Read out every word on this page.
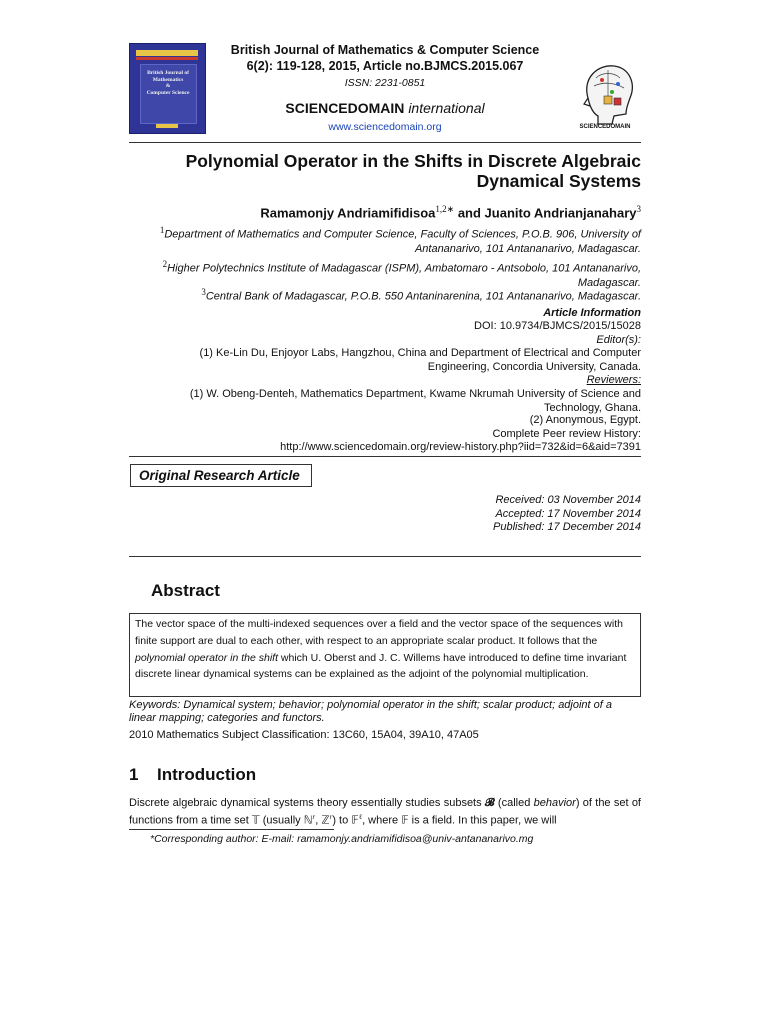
British Journal of
Mathematics
&
Computer Science
British Journal of Mathematics & Computer Science
6(2): 119-128, 2015, Article no.BJMCS.2015.067
ISSN: 2231-0851
SCIENCEDOMAIN international
www.sciencedomain.org	SCIENCEDOMAIN
Polynomial Operator in the Shifts in Discrete Algebraic
Dynamical Systems
Ramamonjy Andriamifidisoa$^{1,2∗}$ and Juanito Andrianjanahary$^3$
$^1$Department of Mathematics and Computer Science, Faculty of Sciences, P.O.B. 906, University of
Antananarivo, 101 Antananarivo, Madagascar.
$^2$Higher Polytechnics Institute of Madagascar (ISPM), Ambatomaro - Antsobolo, 101 Antananarivo,
Madagascar.
$^3$Central Bank of Madagascar, P.O.B. 550 Antaninarenina, 101 Antananarivo, Madagascar.
Article Information
DOI: 10.9734/BJMCS/2015/15028
Editor(s):
(1) Ke-Lin Du, Enjoyor Labs, Hangzhou, China and Department of Electrical and Computer
Engineering, Concordia University, Canada.
Reviewers:
(1) W. Obeng-Denteh, Mathematics Department, Kwame Nkrumah University of Science and
Technology, Ghana.
(2) Anonymous, Egypt.
Complete Peer review History:
http://www.sciencedomain.org/review-history.php?iid=732&id=6&aid=7391
Original Research Article
Received: 03 November 2014
Accepted: 17 November 2014
Published: 17 December 2014
Abstract
The vector space of the multi-indexed sequences over a field and the vector space of the sequences with finite support are dual to each other, with respect to an appropriate scalar product. It follows that the polynomial operator in the shift which U. Oberst and J. C. Willems have introduced to define time invariant discrete linear dynamical systems can be explained as the adjoint of the polynomial multiplication.
Keywords: Dynamical system; behavior; polynomial operator in the shift; scalar product; adjoint of a linear mapping; categories and functors.
2010 Mathematics Subject Classification: 13C60, 15A04, 39A10, 47A05
1 Introduction
Discrete algebraic dynamical systems theory essentially studies subsets 𝓑 (called behavior) of the set of functions from a time set 𝕋 (usually ℕ$^r$, ℤ$^r$) to 𝔽$^\ell$, where 𝔽 is a field. In this paper, we will
*Corresponding author: E-mail: ramamonjy.andriamifidisoa@univ-antananarivo.mg
